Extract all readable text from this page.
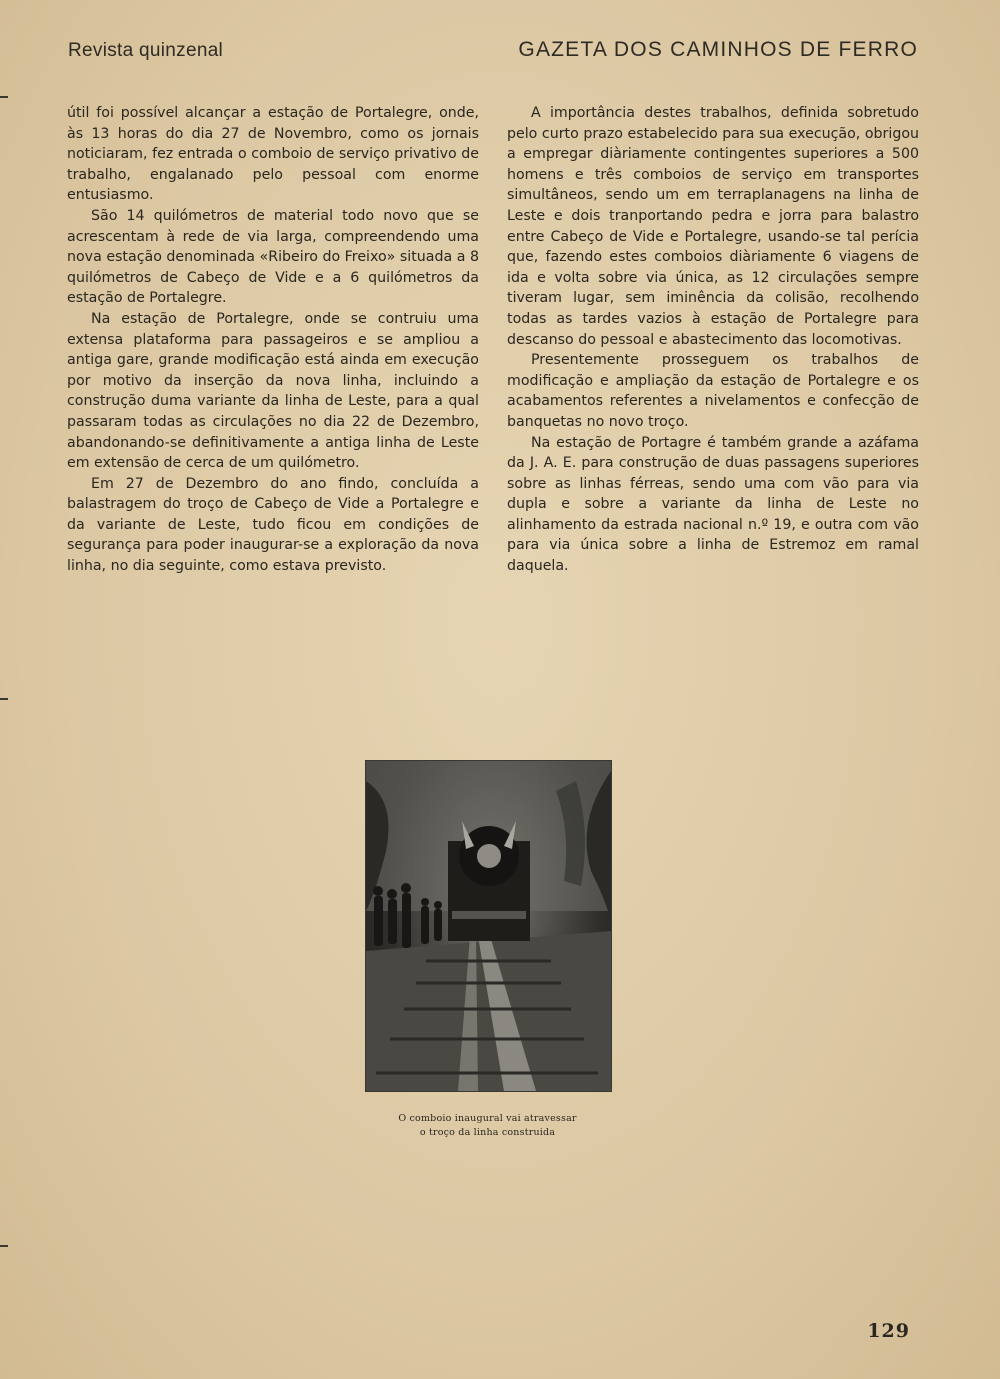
Revista quinzenal	GAZETA DOS CAMINHOS DE FERRO

útil foi possível alcançar a estação de Portalegre, onde, às 13 horas do dia 27 de Novembro, como os jornais noticiaram, fez entrada o comboio de serviço privativo de trabalho, engalanado pelo pessoal com enorme entusiasmo.

São 14 quilómetros de material todo novo que se acrescentam à rede de via larga, compreendendo uma nova estação denominada «Ribeiro do Freixo» situada a 8 quilómetros de Cabeço de Vide e a 6 quilómetros da estação de Portalegre.

Na estação de Portalegre, onde se contruiu uma extensa plataforma para passageiros e se ampliou a antiga gare, grande modificação está ainda em execução por motivo da inserção da nova linha, incluindo a construção duma variante da linha de Leste, para a qual passaram todas as circulações no dia 22 de Dezembro, abandonando-se definitivamente a antiga linha de Leste em extensão de cerca de um quilómetro.

Em 27 de Dezembro do ano findo, concluída a balastragem do troço de Cabeço de Vide a Portalegre e da variante de Leste, tudo ficou em condições de segurança para poder inaugurar-se a exploração da nova linha, no dia seguinte, como estava previsto.

A importância destes trabalhos, definida sobretudo pelo curto prazo estabelecido para sua execução, obrigou a empregar diàriamente contingentes superiores a 500 homens e três comboios de serviço em transportes simultâneos, sendo um em terraplanagens na linha de Leste e dois tranportando pedra e jorra para balastro entre Cabeço de Vide e Portalegre, usando-se tal perícia que, fazendo estes comboios diàriamente 6 viagens de ida e volta sobre via única, as 12 circulações sempre tiveram lugar, sem iminência da colisão, recolhendo todas as tardes vazios à estação de Portalegre para descanso do pessoal e abastecimento das locomotivas.

Presentemente prosseguem os trabalhos de modificação e ampliação da estação de Portalegre e os acabamentos referentes a nivelamentos e confecção de banquetas no novo troço.

Na estação de Portagre é também grande a azáfama da J. A. E. para construção de duas passagens superiores sobre as linhas férreas, sendo uma com vão para via dupla e sobre a variante da linha de Leste no alinhamento da estrada nacional n.º 19, e outra com vão para via única sobre a linha de Estremoz em ramal daquela.

O comboio inaugural vai atravessar
o troço da linha construida
129
